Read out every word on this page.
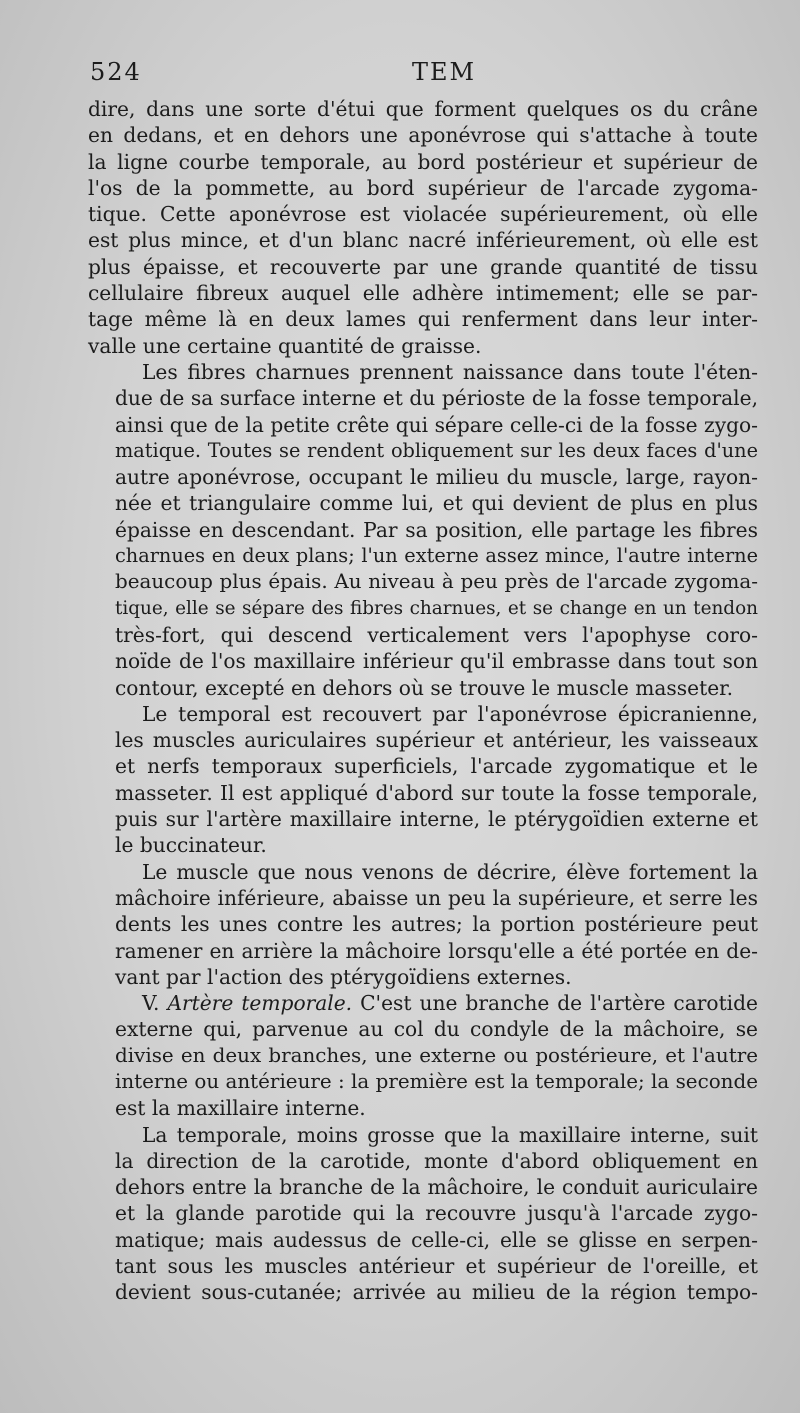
524	TEM

dire, dans une sorte d'étui que forment quelques os du crâne
en dedans, et en dehors une aponévrose qui s'attache à toute
la ligne courbe temporale, au bord postérieur et supérieur de
l'os de la pommette, au bord supérieur de l'arcade zygoma-
tique. Cette aponévrose est violacée supérieurement, où elle
est plus mince, et d'un blanc nacré inférieurement, où elle est
plus épaisse, et recouverte par une grande quantité de tissu
cellulaire fibreux auquel elle adhère intimement; elle se par-
tage même là en deux lames qui renferment dans leur inter-
valle une certaine quantité de graisse.

Les fibres charnues prennent naissance dans toute l'éten-
due de sa surface interne et du périoste de la fosse temporale,
ainsi que de la petite crête qui sépare celle-ci de la fosse zygo-
matique. Toutes se rendent obliquement sur les deux faces d'une
autre aponévrose, occupant le milieu du muscle, large, rayon-
née et triangulaire comme lui, et qui devient de plus en plus
épaisse en descendant. Par sa position, elle partage les fibres
charnues en deux plans; l'un externe assez mince, l'autre interne
beaucoup plus épais. Au niveau à peu près de l'arcade zygoma-
tique, elle se sépare des fibres charnues, et se change en un tendon
très-fort, qui descend verticalement vers l'apophyse coro-
noïde de l'os maxillaire inférieur qu'il embrasse dans tout son
contour, excepté en dehors où se trouve le muscle masseter.

Le temporal est recouvert par l'aponévrose épicranienne,
les muscles auriculaires supérieur et antérieur, les vaisseaux
et nerfs temporaux superficiels, l'arcade zygomatique et le
masseter. Il est appliqué d'abord sur toute la fosse temporale,
puis sur l'artère maxillaire interne, le ptérygoïdien externe et
le buccinateur.

Le muscle que nous venons de décrire, élève fortement la
mâchoire inférieure, abaisse un peu la supérieure, et serre les
dents les unes contre les autres; la portion postérieure peut
ramener en arrière la mâchoire lorsqu'elle a été portée en de-
vant par l'action des ptérygoïdiens externes.

V. Artère temporale. C'est une branche de l'artère carotide
externe qui, parvenue au col du condyle de la mâchoire, se
divise en deux branches, une externe ou postérieure, et l'autre
interne ou antérieure : la première est la temporale; la seconde
est la maxillaire interne.

La temporale, moins grosse que la maxillaire interne, suit
la direction de la carotide, monte d'abord obliquement en
dehors entre la branche de la mâchoire, le conduit auriculaire
et la glande parotide qui la recouvre jusqu'à l'arcade zygo-
matique; mais audessus de celle-ci, elle se glisse en serpen-
tant sous les muscles antérieur et supérieur de l'oreille, et
devient sous-cutanée; arrivée au milieu de la région tempo-
